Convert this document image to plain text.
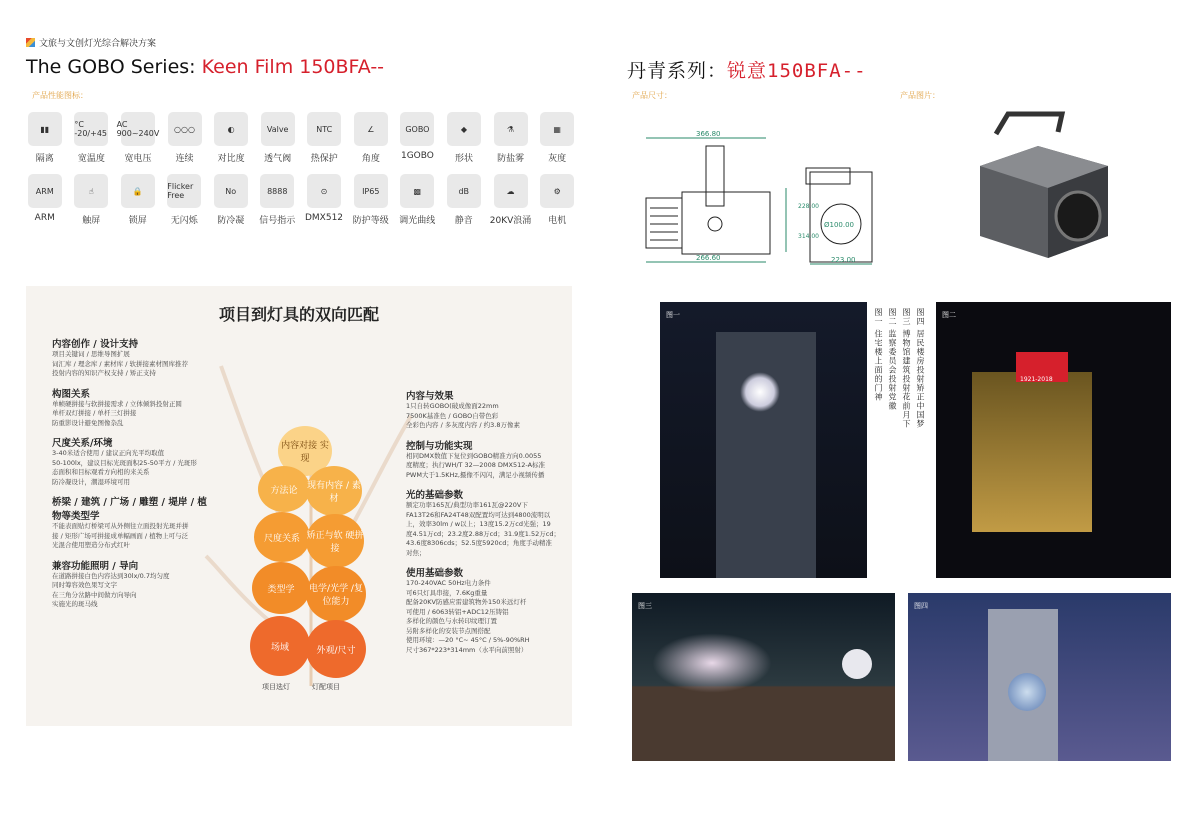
文旅与文创灯光综合解决方案
The GOBO Series: Keen Film 150BFA--	丹青系列：锐意150BFA--
产品性能图标：	产品尺寸：	产品图片：
▮▮
隔离
°C -20/+45
宽温度
AC 900~240V
宽电压
○○○
连续
◐
对比度
Valve
透气阀
NTC
热保护
∠
角度
GOBO
1GOBO
◆
形状
⚗
防盐雾
▦
灰度
ARM
ARM
☝
触屏
🔒
锁屏
Flicker Free
无闪烁
No
防冷凝
8888
信号指示
⊙
DMX512
IP65
防护等级
▩
调光曲线
dB
静音
☁
20KV浪涌
⚙
电机
项目到灯具的双向匹配
内容创作 / 设计支持
项目关键词 / 思维导图扩展
词汇库 / 理念库 / 素材库 / 软拼接素材图库推荐
投射内容的知识产权支持 / 矫正支持
构图关系
单帧硬拼接与软拼接需求 / 立体倾斜投射正圆
单杆双灯拼接 / 单杆三灯拼接
防重影设计避免图像杂乱
尺度关系/环境
3-40米适合使用 / 建议正向光平均取值
50-100lx，建议目标光斑面积25-50平方 / 光斑形
态面积和目标观看方向相的来关系
防冷凝设计，潮湿环境可用
桥梁 / 建筑 / 广场 / 雕塑 / 堤岸 / 植物等类型学
不能表面贴灯桥梁可从外侧往立面投射光斑并拼
接 / 矩形广场可拼接成单幅画面 / 植物上可与泛
光混合使用塑造分布式红叶
兼容功能照明 / 导向
在道路拼接白色内容达到30lx/0.7均匀度
同时筹容效色果写文字
在三角分岔路中间做方向导向
实施光的斑马线
内容对接 实现
方法论	现有内容 / 素材
尺度关系 矫正与软 硬拼接
类型学	电学/光学 /复位能力
场域	外观/尺寸
项目选灯	灯配项目
内容与效果
1只自转GOBO(破成像面22mm
7500K基准色 / GOBO自带色彩
全彩色内容 / 多灰度内容 / 约3.8万像素
控制与功能实现
相同DMX数值下复位到GOBO精准方向0.0055
度精度；执行WH/T 32—2008 DMX512-A标准
PWM大于1.5KHz,摄像不闪闪，满足小视频传播
光的基础参数
额定功率165瓦/典型功率161瓦@220V下
FA13T26和FA24T48双配置均可达到4800流明以
上，效率30lm / w以上；13度15.2万cd光强；19
度4.51万cd；23.2度2.88万cd；31.9度1.52万cd；
43.6度8306cds；52.5度5920cd；角度手动精准
对焦；
使用基础参数
170-240VAC 50Hz电力条件
可6只灯具串接，7.6Kg重量
配备20KV防感应雷建筑物外150米远灯杆
可使用 / 6063转铝+ADC12压铸铝
多样化的颜色与水转印纹理订置
另附多样化的安装节点图搭配
使用环境：—20 °C~ 45°C / 5%-90%RH
尺寸367*223*314mm（水平向前照射）
366.80
266.60
Ø100.00
223.00
228.00
314.00
图一
1921-2018
图二
图三	图四
图四 居民楼房投射矫正中国梦
图三 博物馆建筑投射花前月下
图二 监察委员会投射党徽
图一 住宅楼上面的门神
